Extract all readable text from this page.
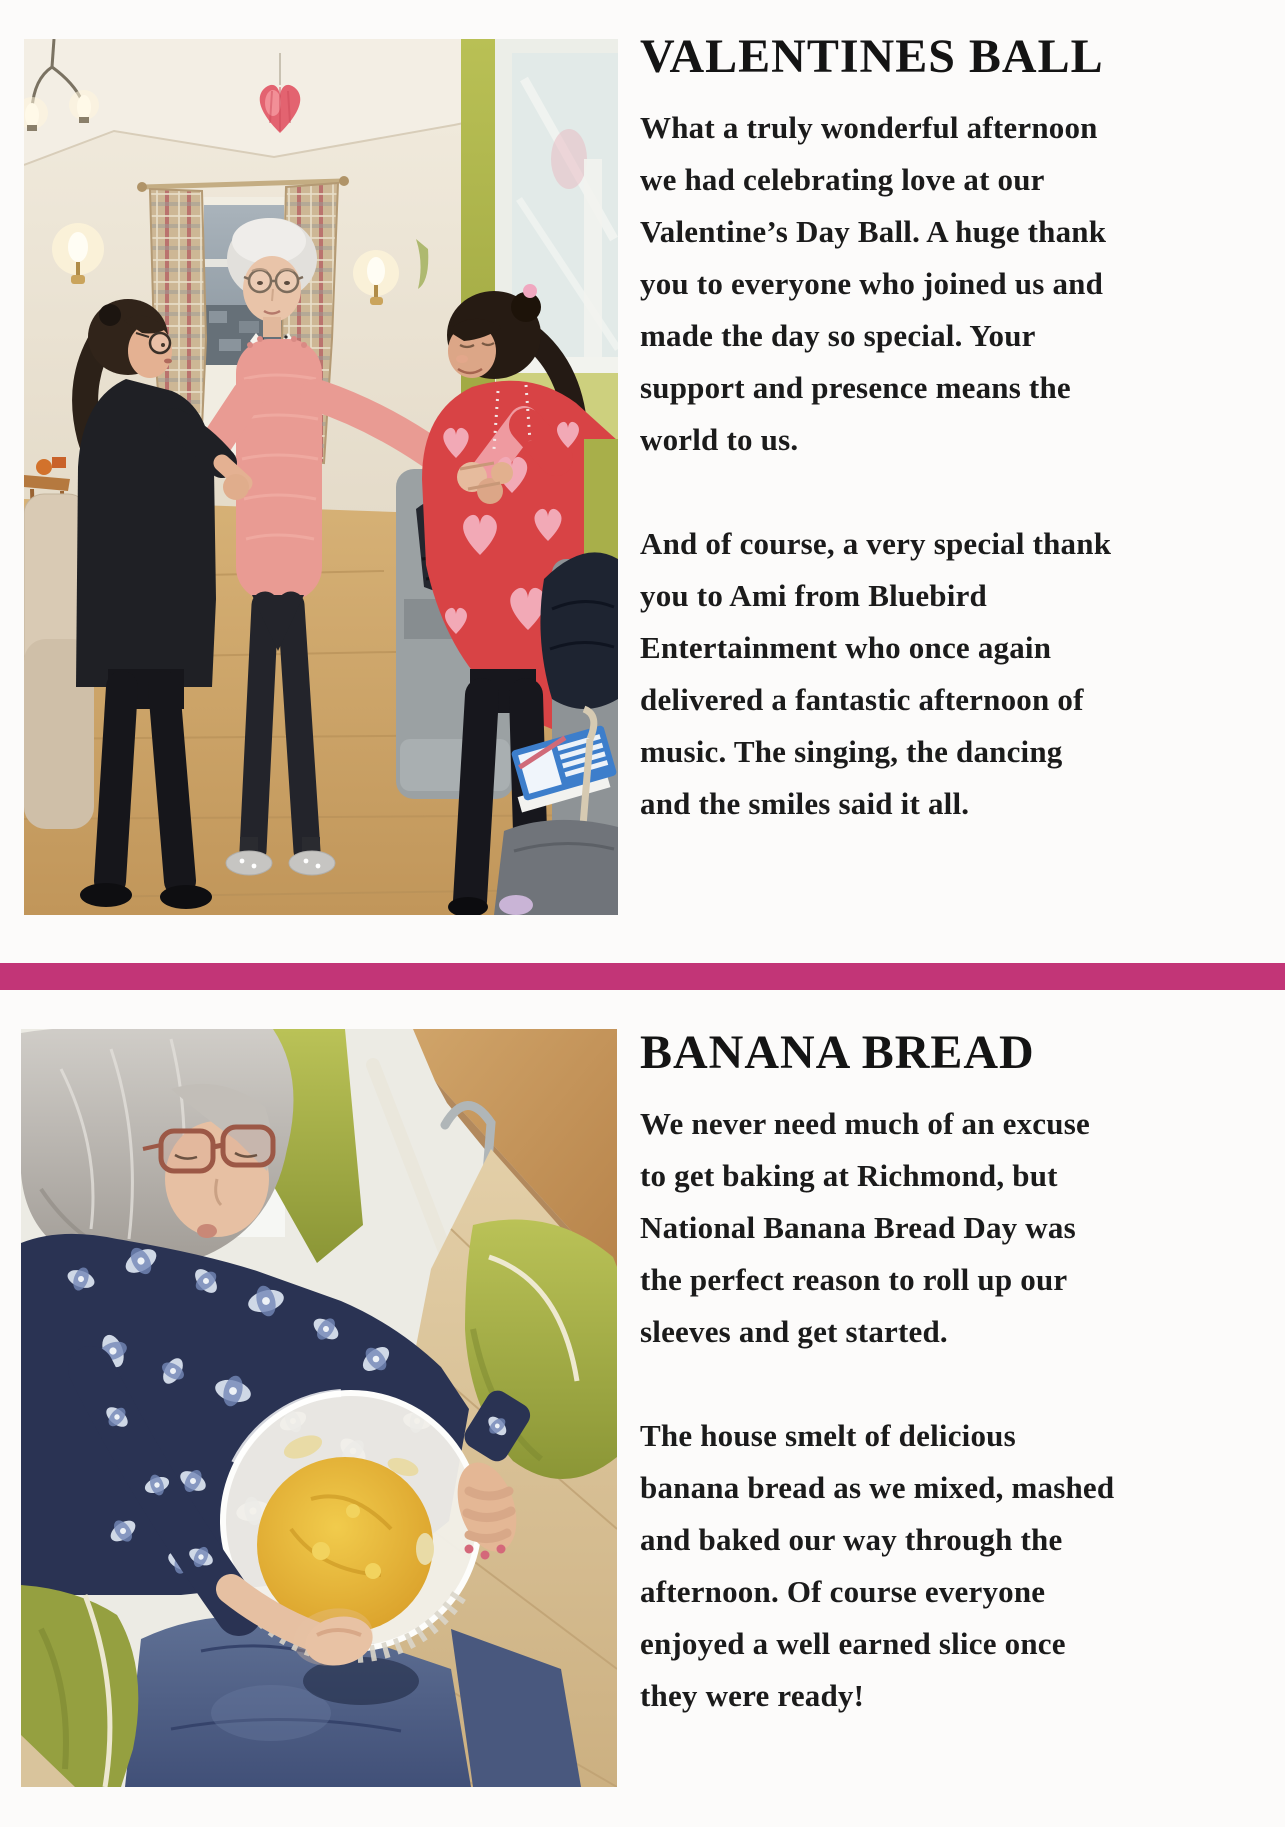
VALENTINES BALL

What a truly wonderful afternoon we had celebrating love at our Valentine’s Day Ball. A huge thank you to everyone who joined us and made the day so special. Your support and presence means the world to us.

And of course, a very special thank you to Ami from Bluebird Entertainment who once again delivered a fantastic afternoon of music. The singing, the dancing and the smiles said it all.

BANANA BREAD

We never need much of an excuse to get baking at Richmond, but National Banana Bread Day was the perfect reason to roll up our sleeves and get started.

The house smelt of delicious banana bread as we mixed, mashed and baked our way through the afternoon. Of course everyone enjoyed a well earned slice once they were ready!
